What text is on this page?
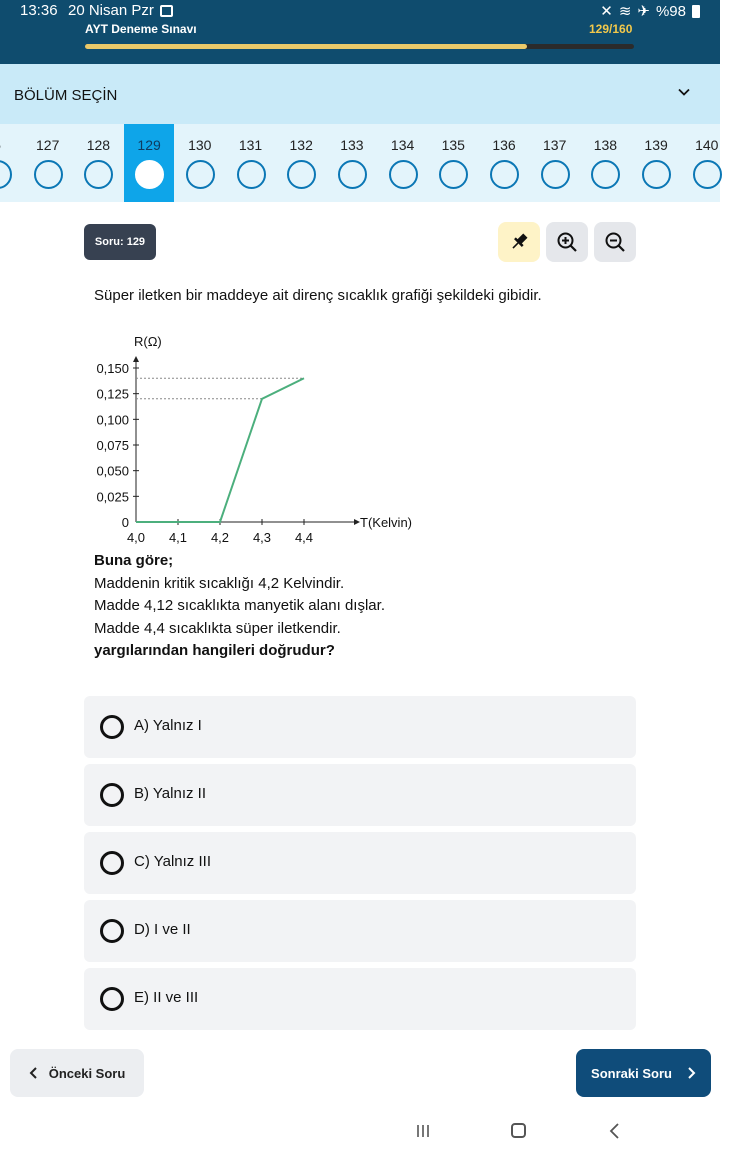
13:36 20 Nisan Pzr	✕ ≋ ✈ %98
AYT Deneme Sınavı	129/160
BÖLÜM SEÇİN
127	128	129	130	131	132	133	134	135	136	137	138	139	140
Soru: 129
Süper iletken bir maddeye ait direnç sıcaklık grafiği şekildeki gibidir.
R(Ω)
T(Kelvin)
0
0,025
0,050
0,075
0,100
0,125
0,150
4,0 4,1 4,2 4,3 4,4
Buna göre;
Maddenin kritik sıcaklığı 4,2 Kelvindir.
Madde 4,12 sıcaklıkta manyetik alanı dışlar.
Madde 4,4 sıcaklıkta süper iletkendir.
yargılarından hangileri doğrudur?
A) Yalnız I
B) Yalnız II
C) Yalnız III
D) I ve II
E) II ve III
Önceki Soru	Sonraki Soru
